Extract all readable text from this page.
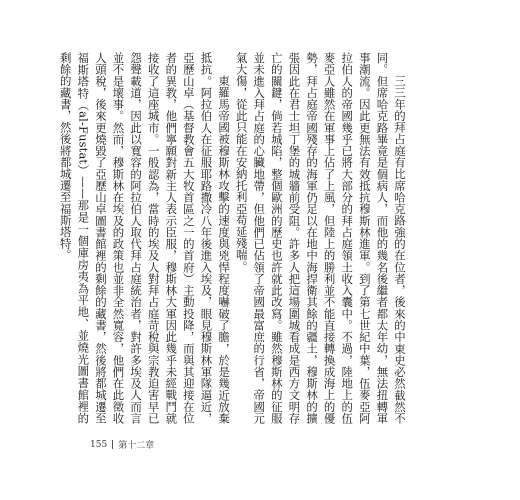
三三年的拜占庭有比席哈克路強的在位者，後來的中東史必然截然不同。但席哈克路畢竟是個病人，而他的幾名後繼者都太年幼，無法扭轉軍事潮流。因此更無法有效抵抗穆斯林進軍。到了第七世紀中葉，伍麥亞阿拉伯人的帝國幾乎已將大部分的拜占庭領土收入囊中。不過，陸地上的伍麥亞人雖然在軍事上佔了上風，但陸上的勝利並不能直接轉換成海上的優勢，拜占庭帝國殘存的海軍仍足以在地中海捍衛其餘的疆土，穆斯林的擴張因此在君士坦丁堡的城牆前受阻。許多人把這場圍城看成是西方文明存亡的關鍵，倘若城陷，整個歐洲的歷史也許就此改寫。雖然穆斯林的征服並未進入拜占庭的心臟地帶，但他們已佔領了帝國最富庶的行省，帝國元氣大傷，從此只能在安納托利亞苟延殘喘。

東羅馬帝國被穆斯林攻擊的速度與兇悍程度嚇破了膽，於是幾近放棄抵抗。阿拉伯人在征服耶路撒冷八年後進入埃及，眼見穆斯林軍隊逼近，亞歷山卓（基督教會五大牧首區之一的首府）主動投降，而與其迎接在位者的異教，他們寧願對新主人表示臣服，穆斯林大軍因此幾乎未經戰鬥就接收了這座城市。一般認為，當時的埃及人對拜占庭苛稅與宗教迫害早已怨聲載道，因此以寬容的阿拉伯人取代拜占庭統治者，對許多埃及人而言並不是壞事。然而，穆斯林在埃及的政策也並非全然寬容，他們在此徵收人頭稅，後來更燒毀了亞歷山卓圖書館裡的剩餘的藏書，然後將都城遷至福斯塔特（al-Fustat）——那是一個庫房夷為平地、並燒光圖書館裡的剩餘的藏書，然後將都城遷至福斯塔特。

155 第十二章
